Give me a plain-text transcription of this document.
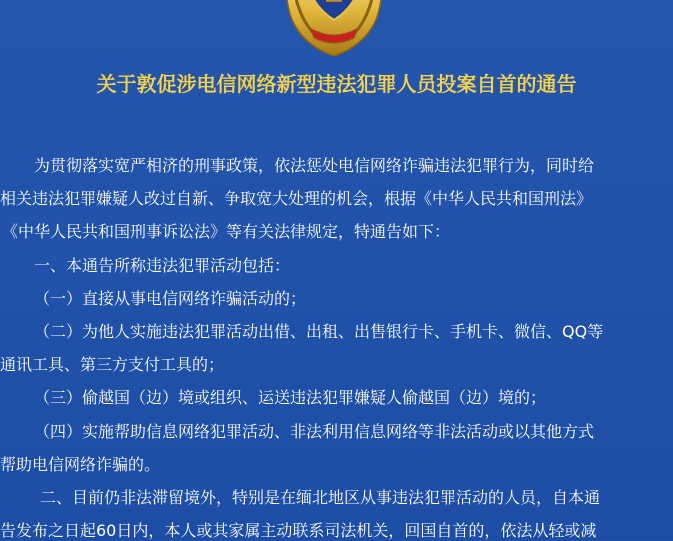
关于敦促涉电信网络新型违法犯罪人员投案自首的通告
为贯彻落实宽严相济的刑事政策，依法惩处电信网络诈骗违法犯罪行为，同时给
相关违法犯罪嫌疑人改过自新、争取宽大处理的机会，根据《中华人民共和国刑法》
《中华人民共和国刑事诉讼法》等有关法律规定，特通告如下：
一、本通告所称违法犯罪活动包括：
（一）直接从事电信网络诈骗活动的；
（二）为他人实施违法犯罪活动出借、出租、出售银行卡、手机卡、微信、QQ等
通讯工具、第三方支付工具的；
（三）偷越国（边）境或组织、运送违法犯罪嫌疑人偷越国（边）境的；
（四）实施帮助信息网络犯罪活动、非法利用信息网络等非法活动或以其他方式
帮助电信网络诈骗的。
二、目前仍非法滞留境外，特别是在缅北地区从事违法犯罪活动的人员，自本通
告发布之日起60日内，本人或其家属主动联系司法机关，回国自首的，依法从轻或减
